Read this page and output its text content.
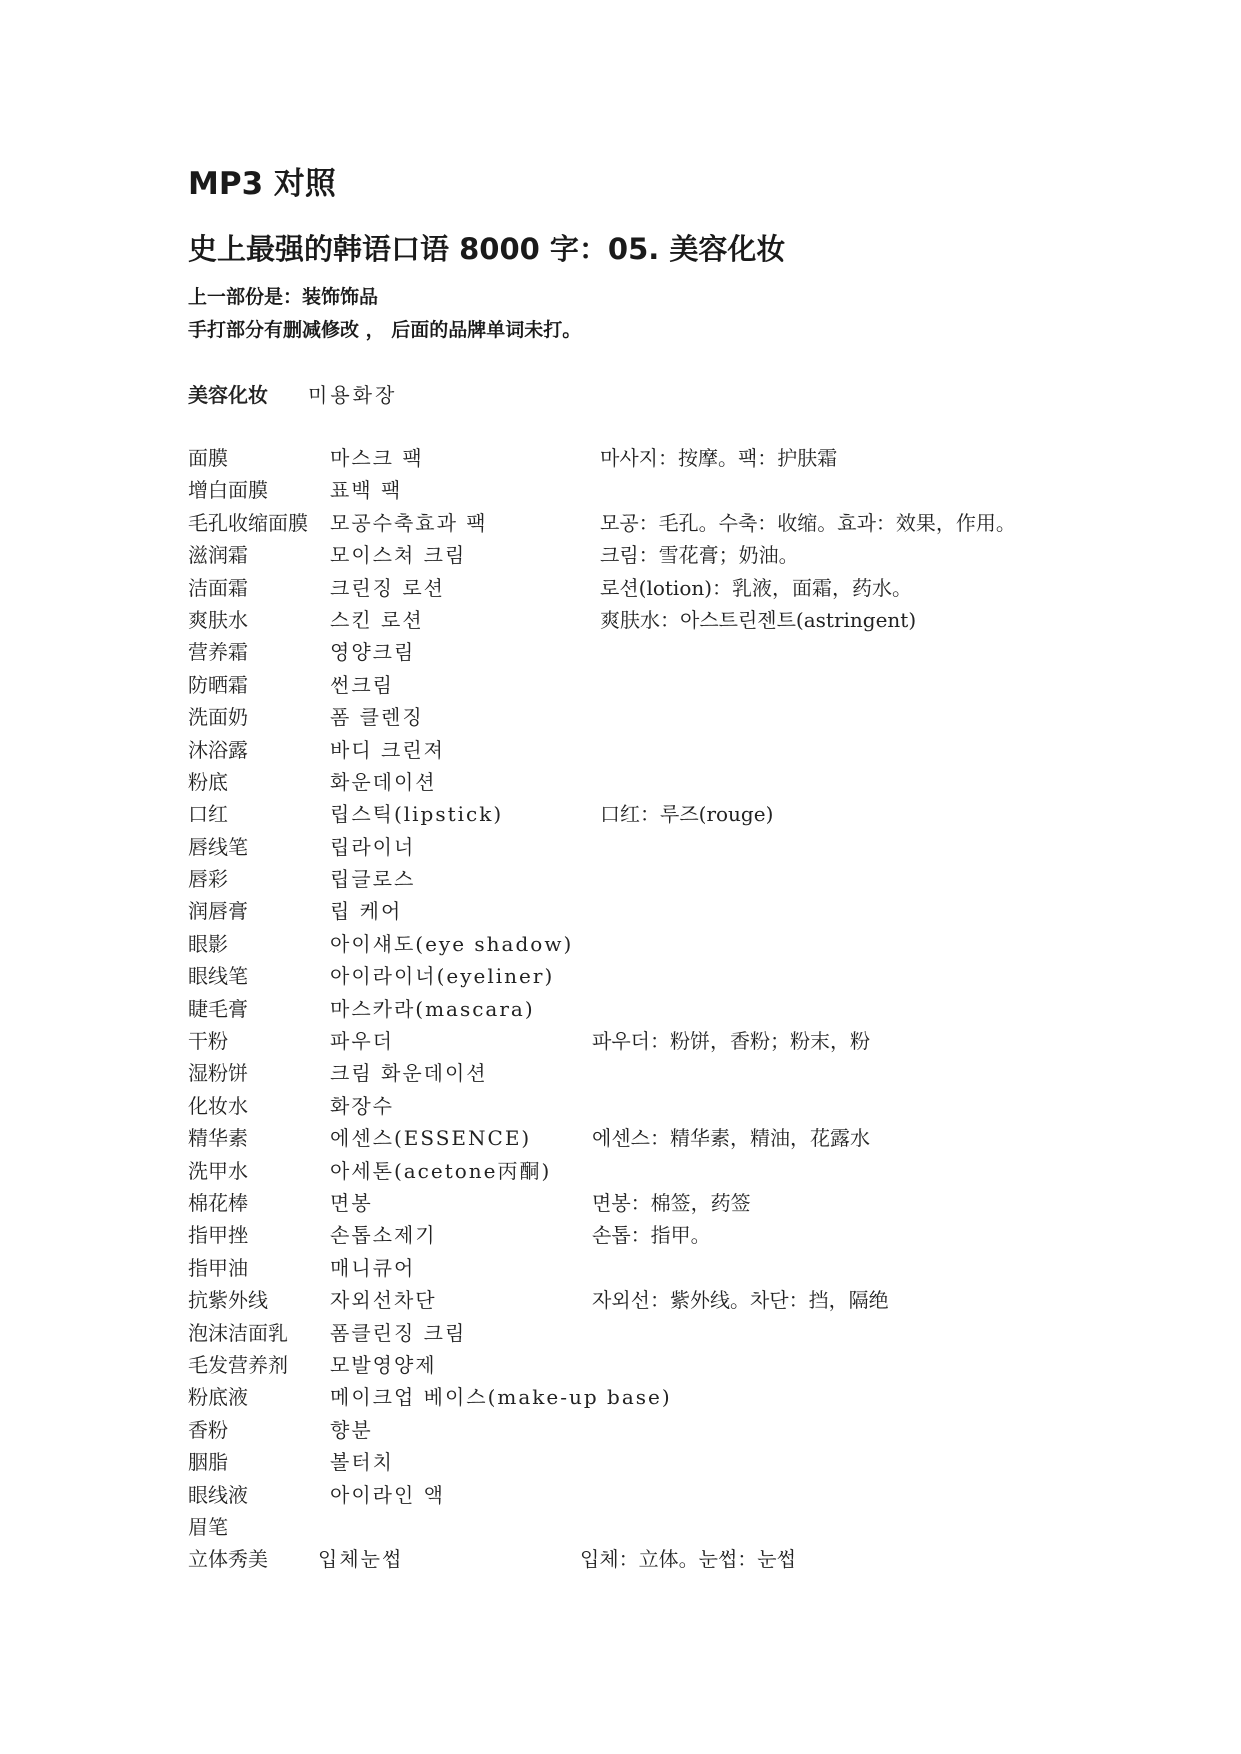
MP3 对照
史上最强的韩语口语 8000 字：05. 美容化妆
上一部份是：装饰饰品
手打部分有删减修改 ， 后面的品牌单词未打。
美容化妆 미용화장
面膜	마스크 팩	마사지：按摩。팩：护肤霜
增白面膜	표백 팩
毛孔收缩面膜 모공수축효과 팩	모공：毛孔。수축：收缩。효과：效果，作用。
滋润霜	모이스쳐 크림	크림：雪花膏；奶油。
洁面霜	크린징 로션	로션(lotion)：乳液，面霜，药水。
爽肤水	스킨 로션	爽肤水：아스트린젠트(astringent)
营养霜	영양크림
防晒霜	썬크림
洗面奶	폼 클렌징
沐浴露	바디 크린져
粉底	화운데이션
口红	립스틱(lipstick)	口红：루즈(rouge)
唇线笔	립라이너
唇彩	립글로스
润唇膏	립 케어
眼影	아이섀도(eye shadow)
眼线笔	아이라이너(eyeliner)
睫毛膏	마스카라(mascara)
干粉	파우더	파우더：粉饼，香粉；粉末，粉
湿粉饼	크림 화운데이션
化妆水	화장수
精华素	에센스(ESSENCE)	에센스：精华素，精油，花露水
洗甲水	아세톤(acetone丙酮)
棉花棒	면봉	면봉：棉签，药签
指甲挫	손톱소제기	손톱：指甲。
指甲油	매니큐어
抗紫外线	자외선차단	자외선：紫外线。차단：挡，隔绝
泡沫洁面乳 폼클린징 크림
毛发营养剂 모발영양제
粉底液	메이크업 베이스(make-up base)
香粉	향분
胭脂	볼터치
眼线液	아이라인 액
眉笔
立体秀美	입체눈썹	입체：立体。눈썹：눈썹
